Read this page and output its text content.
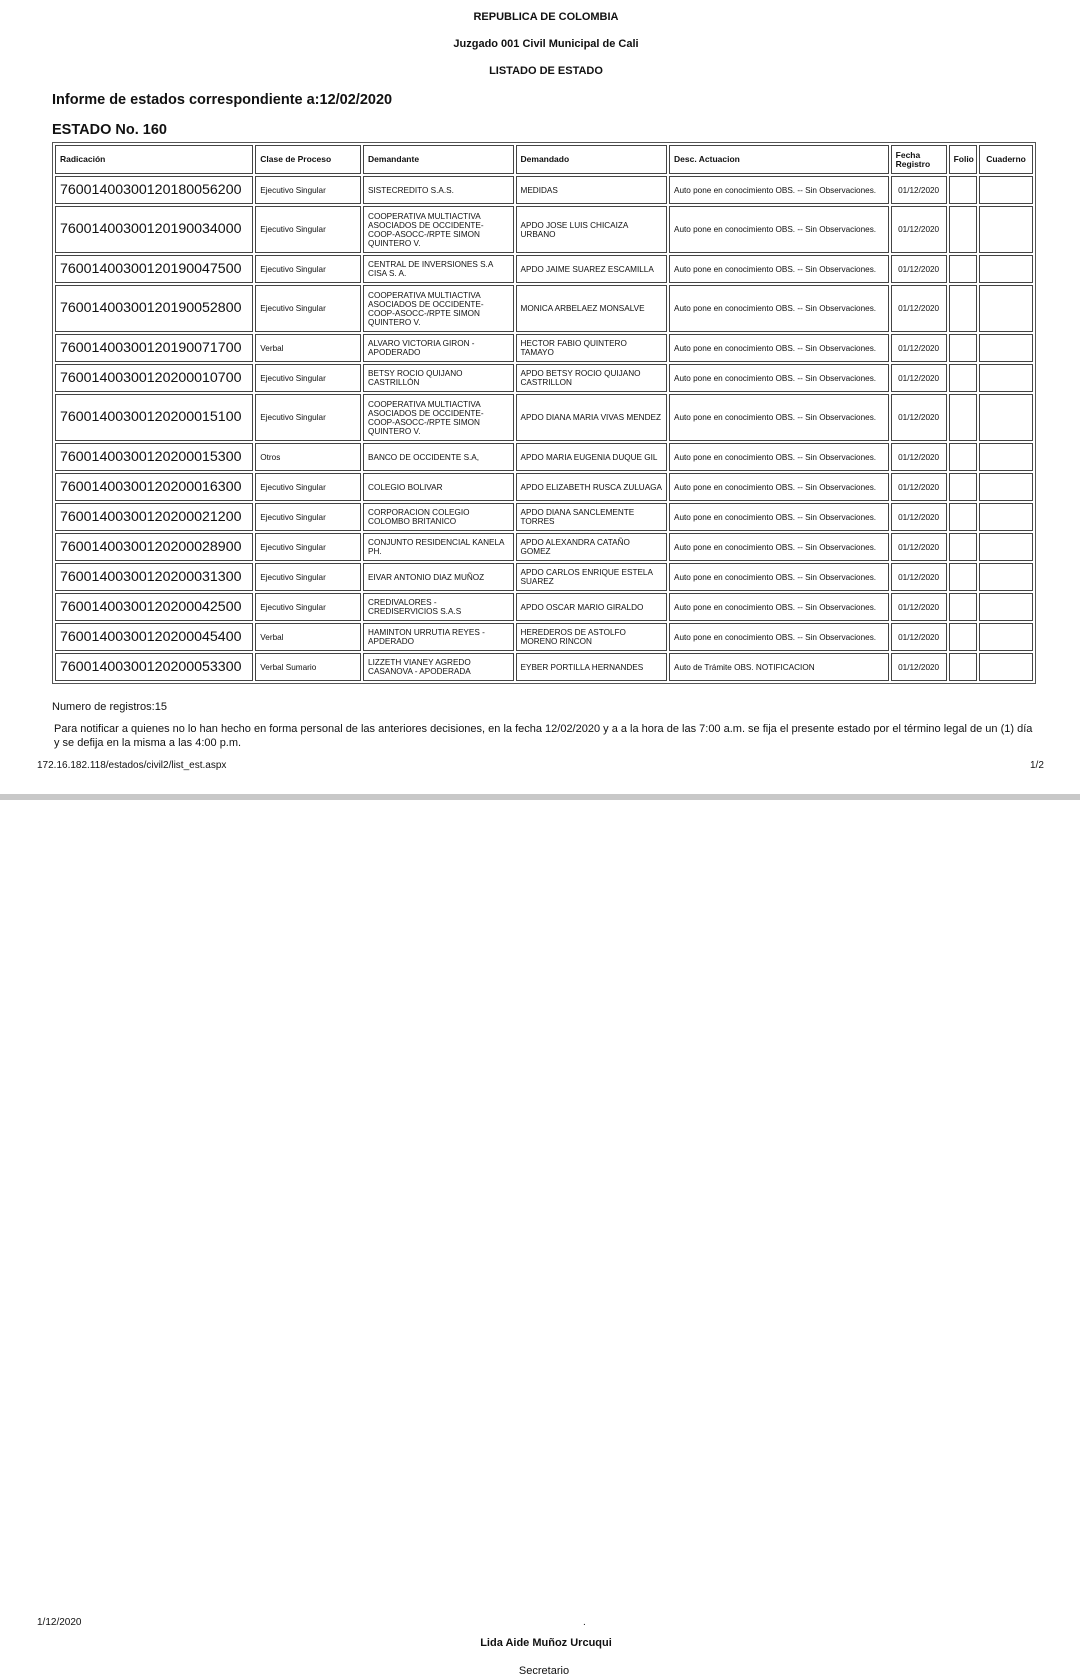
REPUBLICA DE COLOMBIA
Juzgado 001 Civil Municipal de Cali
LISTADO DE ESTADO
Informe de estados correspondiente a:12/02/2020
ESTADO No. 160
Radicación	Clase de Proceso	Demandante	Demandado	Desc. Actuacion	Fecha Registro	Folio	Cuaderno
76001400300120180056200	Ejecutivo Singular	SISTECREDITO S.A.S.	MEDIDAS	Auto pone en conocimiento OBS. -- Sin Observaciones.	01/12/2020		
76001400300120190034000	Ejecutivo Singular	COOPERATIVA MULTIACTIVA ASOCIADOS DE OCCIDENTE-COOP-ASOCC-/RPTE SIMON QUINTERO V.	APDO JOSE LUIS CHICAIZA URBANO	Auto pone en conocimiento OBS. -- Sin Observaciones.	01/12/2020		
76001400300120190047500	Ejecutivo Singular	CENTRAL DE INVERSIONES S.A CISA S. A.	APDO JAIME SUAREZ ESCAMILLA	Auto pone en conocimiento OBS. -- Sin Observaciones.	01/12/2020		
76001400300120190052800	Ejecutivo Singular	COOPERATIVA MULTIACTIVA ASOCIADOS DE OCCIDENTE-COOP-ASOCC-/RPTE SIMON QUINTERO V.	MONICA ARBELAEZ MONSALVE	Auto pone en conocimiento OBS. -- Sin Observaciones.	01/12/2020		
76001400300120190071700	Verbal	ALVARO VICTORIA GIRON - APODERADO	HECTOR FABIO QUINTERO TAMAYO	Auto pone en conocimiento OBS. -- Sin Observaciones.	01/12/2020		
76001400300120200010700	Ejecutivo Singular	BETSY ROCIO QUIJANO CASTRILLÓN	APDO BETSY ROCIO QUIJANO CASTRILLON	Auto pone en conocimiento OBS. -- Sin Observaciones.	01/12/2020		
76001400300120200015100	Ejecutivo Singular	COOPERATIVA MULTIACTIVA ASOCIADOS DE OCCIDENTE-COOP-ASOCC-/RPTE SIMON QUINTERO V.	APDO DIANA MARIA VIVAS MENDEZ	Auto pone en conocimiento OBS. -- Sin Observaciones.	01/12/2020		
76001400300120200015300	Otros	BANCO DE OCCIDENTE S.A,	APDO MARIA EUGENIA DUQUE GIL	Auto pone en conocimiento OBS. -- Sin Observaciones.	01/12/2020		
76001400300120200016300	Ejecutivo Singular	COLEGIO BOLIVAR	APDO ELIZABETH RUSCA ZULUAGA	Auto pone en conocimiento OBS. -- Sin Observaciones.	01/12/2020		
76001400300120200021200	Ejecutivo Singular	CORPORACION COLEGIO COLOMBO BRITANICO	APDO DIANA SANCLEMENTE TORRES	Auto pone en conocimiento OBS. -- Sin Observaciones.	01/12/2020		
76001400300120200028900	Ejecutivo Singular	CONJUNTO RESIDENCIAL KANELA PH.	APDO ALEXANDRA CATAÑO GOMEZ	Auto pone en conocimiento OBS. -- Sin Observaciones.	01/12/2020		
76001400300120200031300	Ejecutivo Singular	EIVAR ANTONIO DIAZ MUÑOZ	APDO CARLOS ENRIQUE ESTELA SUAREZ	Auto pone en conocimiento OBS. -- Sin Observaciones.	01/12/2020		
76001400300120200042500	Ejecutivo Singular	CREDIVALORES - CREDISERVICIOS S.A.S	APDO OSCAR MARIO GIRALDO	Auto pone en conocimiento OBS. -- Sin Observaciones.	01/12/2020		
76001400300120200045400	Verbal	HAMINTON URRUTIA REYES - APDERADO	HEREDEROS DE ASTOLFO MORENO RINCON	Auto pone en conocimiento OBS. -- Sin Observaciones.	01/12/2020		
76001400300120200053300	Verbal Sumario	LIZZETH VIANEY AGREDO CASANOVA - APODERADA	EYBER PORTILLA HERNANDES	Auto de Trámite OBS. NOTIFICACION	01/12/2020		
Numero de registros:15
Para notificar a quienes no lo han hecho en forma personal de las anteriores decisiones, en la fecha 12/02/2020 y a a la hora de las 7:00 a.m. se fija el presente estado por el término legal de un (1) día y se defija en la misma a las 4:00 p.m.
172.16.182.118/estados/civil2/list_est.aspx	1/2
1/12/2020	.
Lida Aide Muñoz Urcuqui
Secretario
